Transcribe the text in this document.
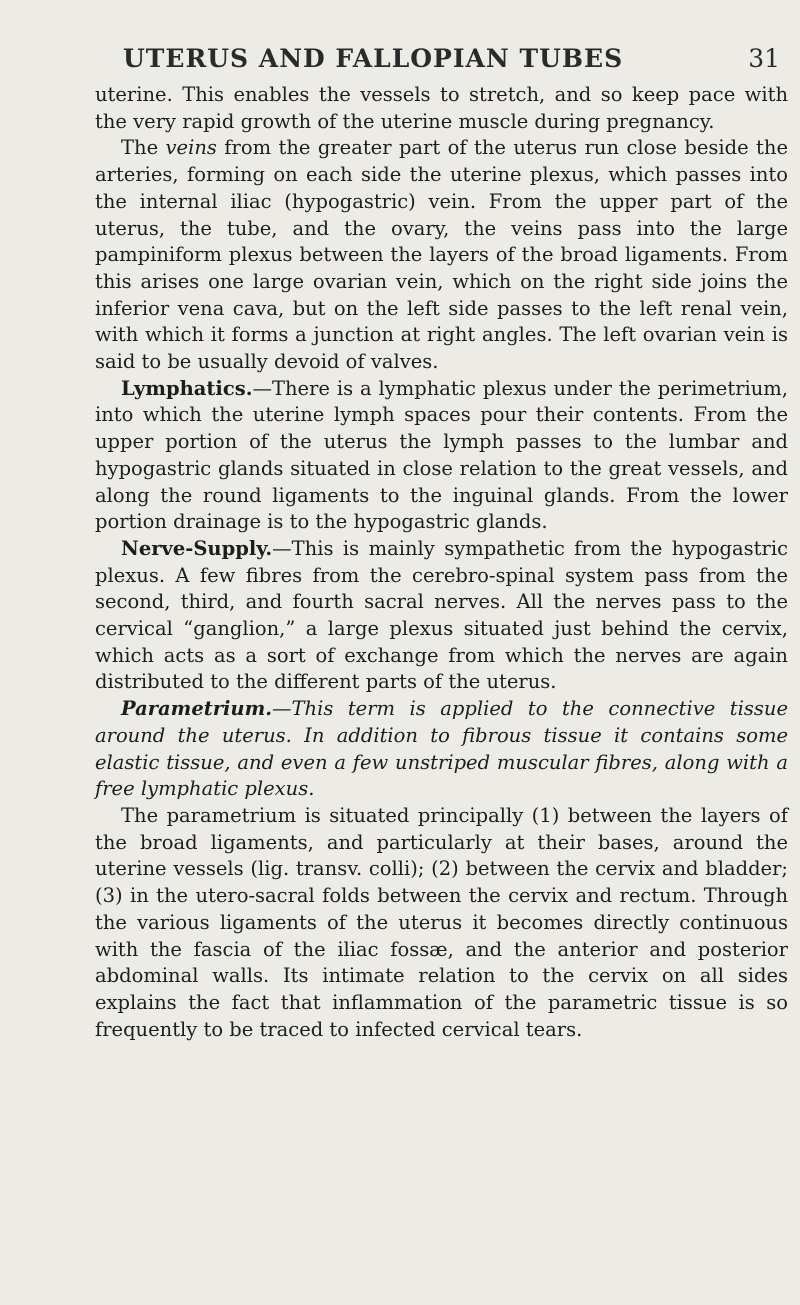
UTERUS AND FALLOPIAN TUBES	31

uterine. This enables the vessels to stretch, and so keep pace with the very rapid growth of the uterine muscle during pregnancy.

The veins from the greater part of the uterus run close beside the arteries, forming on each side the uterine plexus, which passes into the internal iliac (hypogastric) vein. From the upper part of the uterus, the tube, and the ovary, the veins pass into the large pampiniform plexus between the layers of the broad ligaments. From this arises one large ovarian vein, which on the right side joins the inferior vena cava, but on the left side passes to the left renal vein, with which it forms a junction at right angles. The left ovarian vein is said to be usually devoid of valves.

Lymphatics.—There is a lymphatic plexus under the perimetrium, into which the uterine lymph spaces pour their contents. From the upper portion of the uterus the lymph passes to the lumbar and hypogastric glands situated in close relation to the great vessels, and along the round ligaments to the inguinal glands. From the lower portion drainage is to the hypogastric glands.

Nerve-Supply.—This is mainly sympathetic from the hypogastric plexus. A few fibres from the cerebro-spinal system pass from the second, third, and fourth sacral nerves. All the nerves pass to the cervical “ganglion,” a large plexus situated just behind the cervix, which acts as a sort of exchange from which the nerves are again distributed to the different parts of the uterus.

Parametrium.—This term is applied to the connective tissue around the uterus. In addition to fibrous tissue it contains some elastic tissue, and even a few unstriped muscular fibres, along with a free lymphatic plexus.

The parametrium is situated principally (1) between the layers of the broad ligaments, and particularly at their bases, around the uterine vessels (lig. transv. colli); (2) between the cervix and bladder; (3) in the utero-sacral folds between the cervix and rectum. Through the various ligaments of the uterus it becomes directly continuous with the fascia of the iliac fossæ, and the anterior and posterior abdominal walls. Its intimate relation to the cervix on all sides explains the fact that inflammation of the parametric tissue is so frequently to be traced to infected cervical tears.
